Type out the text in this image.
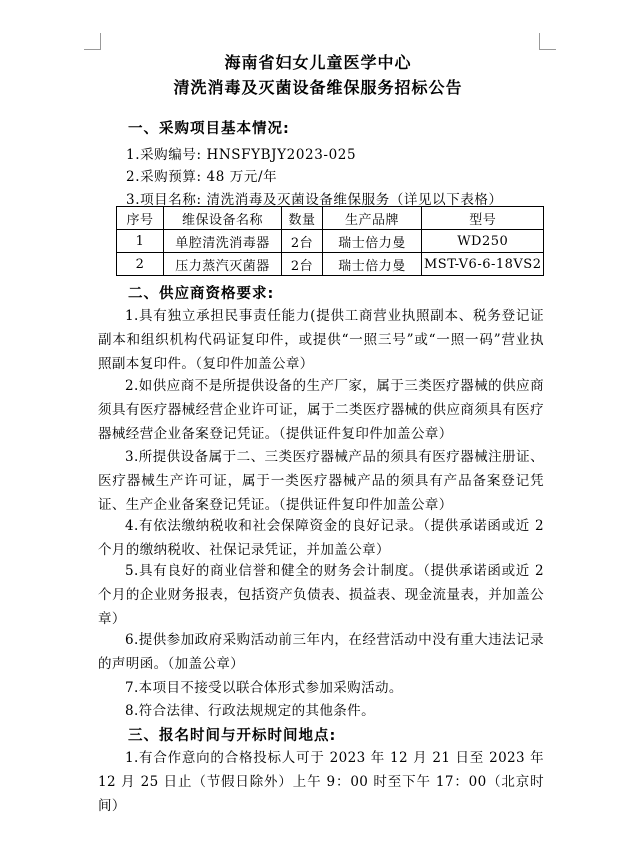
海南省妇女儿童医学中心
清洗消毒及灭菌设备维保服务招标公告
一、采购项目基本情况:
1.采购编号: HNSFYBJY2023-025
2.采购预算: 48 万元/年
3.项目名称: 清洗消毒及灭菌设备维保服务（详见以下表格）
序号	维保设备名称	数量	生产品牌	型号
1	单腔清洗消毒器	2台	瑞士倍力曼	WD250
2	压力蒸汽灭菌器	2台	瑞士倍力曼	MST-V6-6-18VS2
二、供应商资格要求:
1.具有独立承担民事责任能力(提供工商营业执照副本、税务登记证副本和组织机构代码证复印件，或提供“一照三号”或“一照一码”营业执照副本复印件。（复印件加盖公章）
2.如供应商不是所提供设备的生产厂家，属于三类医疗器械的供应商须具有医疗器械经营企业许可证，属于二类医疗器械的供应商须具有医疗器械经营企业备案登记凭证。（提供证件复印件加盖公章）
3.所提供设备属于二、三类医疗器械产品的须具有医疗器械注册证、医疗器械生产许可证，属于一类医疗器械产品的须具有产品备案登记凭证、生产企业备案登记凭证。（提供证件复印件加盖公章）
4.有依法缴纳税收和社会保障资金的良好记录。（提供承诺函或近 2 个月的缴纳税收、社保记录凭证，并加盖公章）
5.具有良好的商业信誉和健全的财务会计制度。（提供承诺函或近 2 个月的企业财务报表，包括资产负债表、损益表、现金流量表，并加盖公章）
6.提供参加政府采购活动前三年内，在经营活动中没有重大违法记录的声明函。（加盖公章）
7.本项目不接受以联合体形式参加采购活动。
8.符合法律、行政法规规定的其他条件。
三、报名时间与开标时间地点:
1.有合作意向的合格投标人可于 2023 年 12 月 21 日至 2023 年 12 月 25 日止（节假日除外）上午 9：00 时至下午 17：00（北京时间）
